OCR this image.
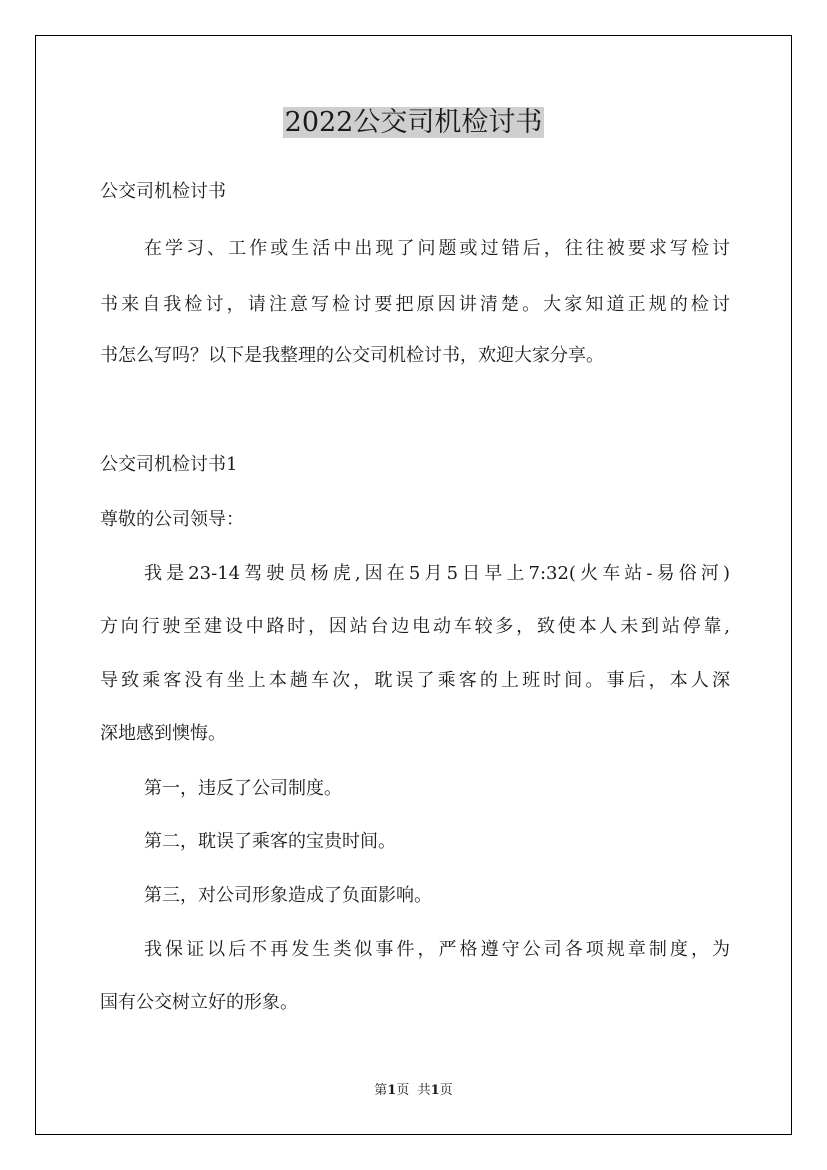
2022公交司机检讨书
公交司机检讨书
在学习、工作或生活中出现了问题或过错后，往往被要求写检讨
书来自我检讨，请注意写检讨要把原因讲清楚。大家知道正规的检讨
书怎么写吗？以下是我整理的公交司机检讨书，欢迎大家分享。
公交司机检讨书1
尊敬的公司领导：
我是23-14驾驶员杨虎,因在5月5日早上7:32(火车站-易俗河)
方向行驶至建设中路时，因站台边电动车较多，致使本人未到站停靠,
导致乘客没有坐上本趟车次，耽误了乘客的上班时间。事后，本人深
深地感到懊悔。
第一，违反了公司制度。
第二，耽误了乘客的宝贵时间。
第三，对公司形象造成了负面影响。
我保证以后不再发生类似事件，严格遵守公司各项规章制度，为
国有公交树立好的形象。
第1页 共1页
